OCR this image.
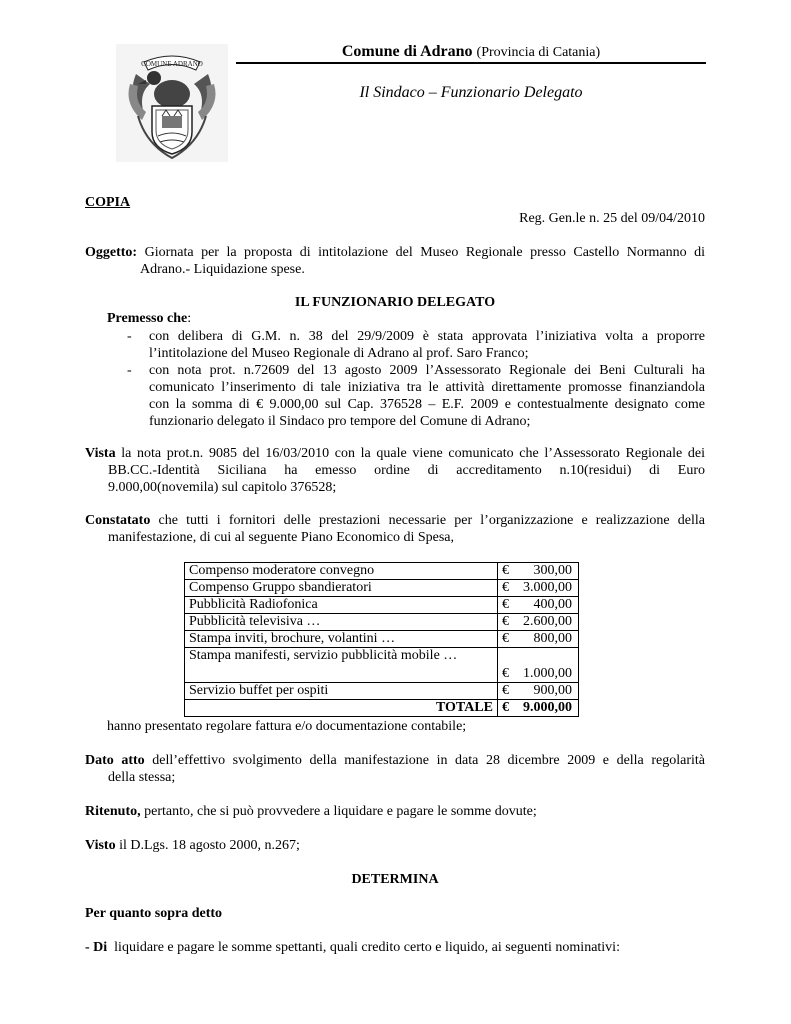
COMUNE ADRANO
Comune di Adrano (Provincia di Catania)
Il Sindaco – Funzionario Delegato
COPIA
Reg. Gen.le n. 25 del 09/04/2010
Oggetto: Giornata per la proposta di intitolazione del Museo Regionale presso Castello Normanno di
Adrano.- Liquidazione spese.
IL FUNZIONARIO DELEGATO
Premesso che:
- con delibera di G.M. n. 38 del 29/9/2009 è stata approvata l’iniziativa volta a proporre
l’intitolazione del Museo Regionale di Adrano al prof. Saro Franco;
- con nota prot. n.72609 del 13 agosto 2009 l’Assessorato Regionale dei Beni Culturali ha
comunicato l’inserimento di tale iniziativa tra le attività direttamente promosse finanziandola
con la somma di € 9.000,00 sul Cap. 376528 – E.F. 2009 e contestualmente designato come
funzionario delegato il Sindaco pro tempore del Comune di Adrano;
Vista la nota prot.n. 9085 del 16/03/2010 con la quale viene comunicato che l’Assessorato Regionale dei
BB.CC.-Identità Siciliana ha emesso ordine di accreditamento n.10(residui) di Euro
9.000,00(novemila) sul capitolo 376528;
Constatato che tutti i fornitori delle prestazioni necessarie per l’organizzazione e realizzazione della
manifestazione, di cui al seguente Piano Economico di Spesa,
Compenso moderatore convegno	€ 300,00
Compenso Gruppo sbandieratori	€ 3.000,00
Pubblicità Radiofonica	€ 400,00
Pubblicità televisiva …	€ 2.600,00
Stampa inviti, brochure, volantini …	€ 800,00
Stampa manifesti, servizio pubblicità mobile …	€ 1.000,00
Servizio buffet per ospiti	€ 900,00
TOTALE	€ 9.000,00
hanno presentato regolare fattura e/o documentazione contabile;
Dato atto dell’effettivo svolgimento della manifestazione in data 28 dicembre 2009 e della regolarità
della stessa;
Ritenuto, pertanto, che si può provvedere a liquidare e pagare le somme dovute;
Visto il D.Lgs. 18 agosto 2000, n.267;
DETERMINA
Per quanto sopra detto
- Di  liquidare e pagare le somme spettanti, quali credito certo e liquido, ai seguenti nominativi:
